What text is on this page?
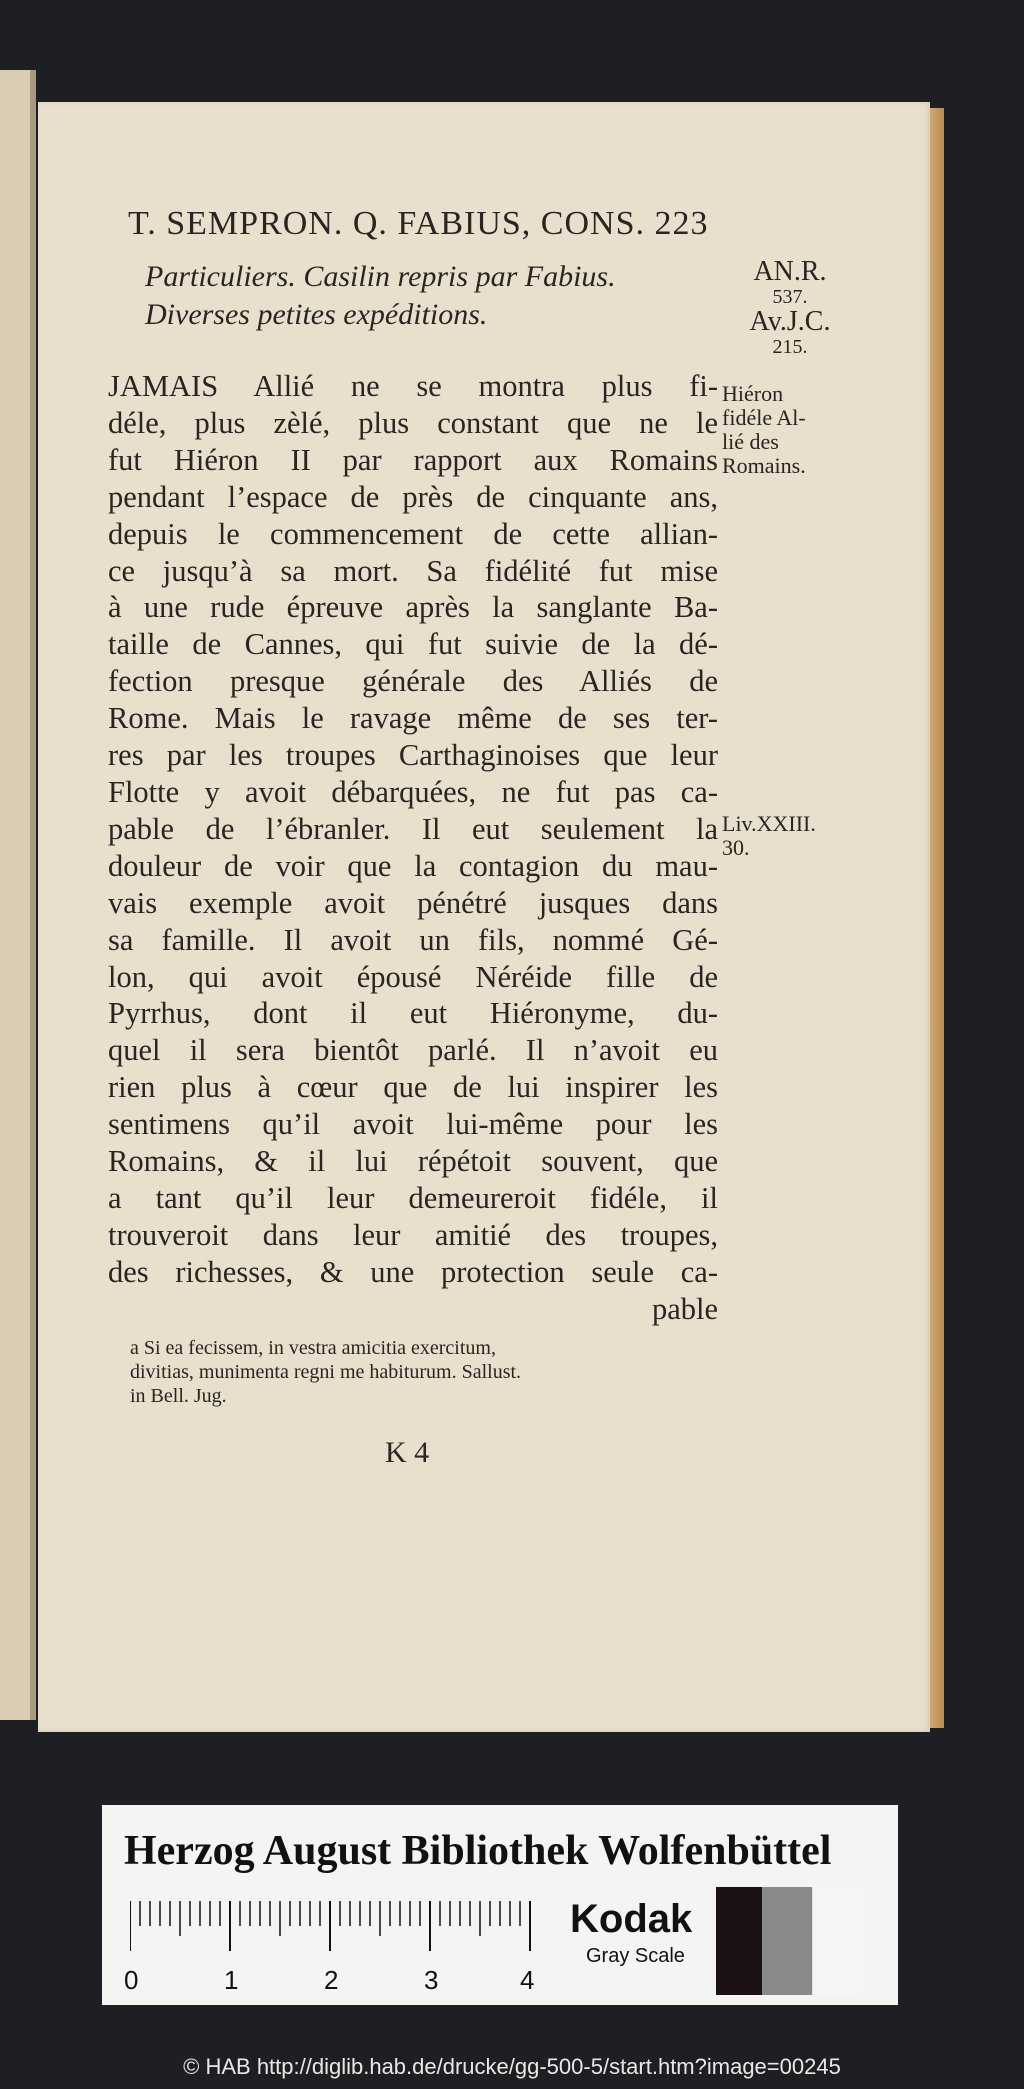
T. SEMPRON. Q. FABIUS, CONS. 223
Particuliers. Casilin repris par Fabius.
Diverses petites expéditions.
AN.R.
537.
Av.J.C.
215.
JAMAIS Allié ne se montra plus fi-
déle, plus zèlé, plus constant que ne le
fut Hiéron II par rapport aux Romains
pendant l’espace de près de cinquante ans,
depuis le commencement de cette allian-
ce jusqu’à sa mort. Sa fidélité fut mise
à une rude épreuve après la sanglante Ba-
taille de Cannes, qui fut suivie de la dé-
fection presque générale des Alliés de
Rome. Mais le ravage même de ses ter-
res par les troupes Carthaginoises que leur
Flotte y avoit débarquées, ne fut pas ca-
pable de l’ébranler. Il eut seulement la
douleur de voir que la contagion du mau-
vais exemple avoit pénétré jusques dans
sa famille. Il avoit un fils, nommé Gé-
lon, qui avoit épousé Néréide fille de
Pyrrhus, dont il eut Hiéronyme, du-
quel il sera bientôt parlé. Il n’avoit eu
rien plus à cœur que de lui inspirer les
sentimens qu’il avoit lui-même pour les
Romains, & il lui répétoit souvent, que
a tant qu’il leur demeureroit fidéle, il
trouveroit dans leur amitié des troupes,
des richesses, & une protection seule ca-
pable
Hiéron
fidéle Al-
lié des
Romains.
Liv.XXIII.
30.
a Si ea fecissem, in vestra amicitia exercitum,
divitias, munimenta regni me habiturum. Sallust.
in Bell. Jug.
K 4
Herzog August Bibliothek Wolfenbüttel
0	1	2	3	4
Kodak
Gray Scale
© HAB http://diglib.hab.de/drucke/gg-500-5/start.htm?image=00245
